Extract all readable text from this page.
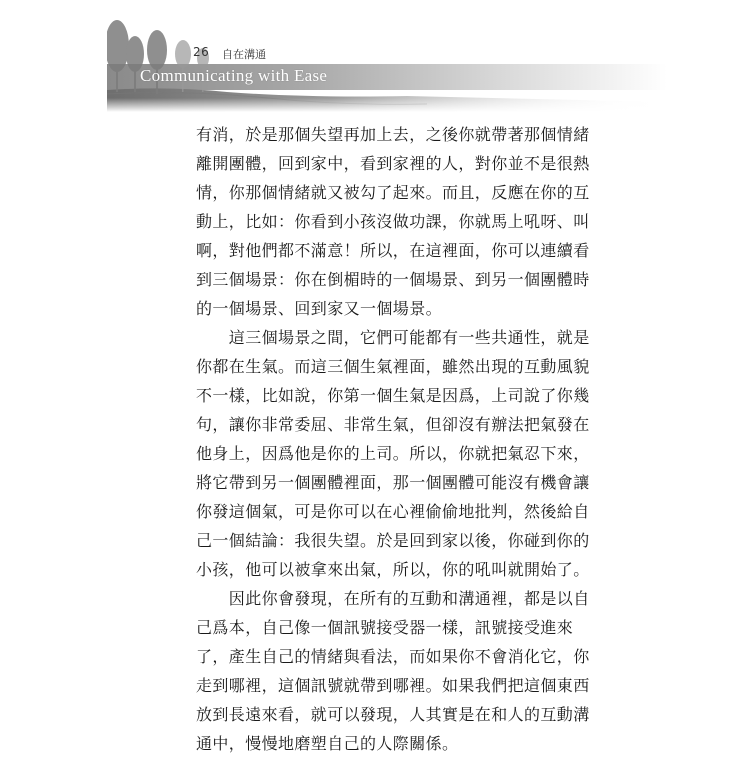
26 自在溝通
Communicating with Ease

有消，於是那個失望再加上去，之後你就帶著那個情緒
離開團體，回到家中，看到家裡的人，對你並不是很熱
情，你那個情緒就又被勾了起來。而且，反應在你的互
動上，比如：你看到小孩沒做功課，你就馬上吼呀、叫
啊，對他們都不滿意！所以，在這裡面，你可以連續看
到三個場景：你在倒楣時的一個場景、到另一個團體時
的一個場景、回到家又一個場景。

　　這三個場景之間，它們可能都有一些共通性，就是
你都在生氣。而這三個生氣裡面，雖然出現的互動風貌
不一樣，比如說，你第一個生氣是因爲，上司說了你幾
句，讓你非常委屈、非常生氣，但卻沒有辦法把氣發在
他身上，因爲他是你的上司。所以，你就把氣忍下來，
將它帶到另一個團體裡面，那一個團體可能沒有機會讓
你發這個氣，可是你可以在心裡偷偷地批判，然後給自
己一個結論：我很失望。於是回到家以後，你碰到你的
小孩，他可以被拿來出氣，所以，你的吼叫就開始了。

　　因此你會發現，在所有的互動和溝通裡，都是以自
己爲本，自己像一個訊號接受器一樣，訊號接受進來
了，產生自己的情緒與看法，而如果你不會消化它，你
走到哪裡，這個訊號就帶到哪裡。如果我們把這個東西
放到長遠來看，就可以發現，人其實是在和人的互動溝
通中，慢慢地磨塑自己的人際關係。
